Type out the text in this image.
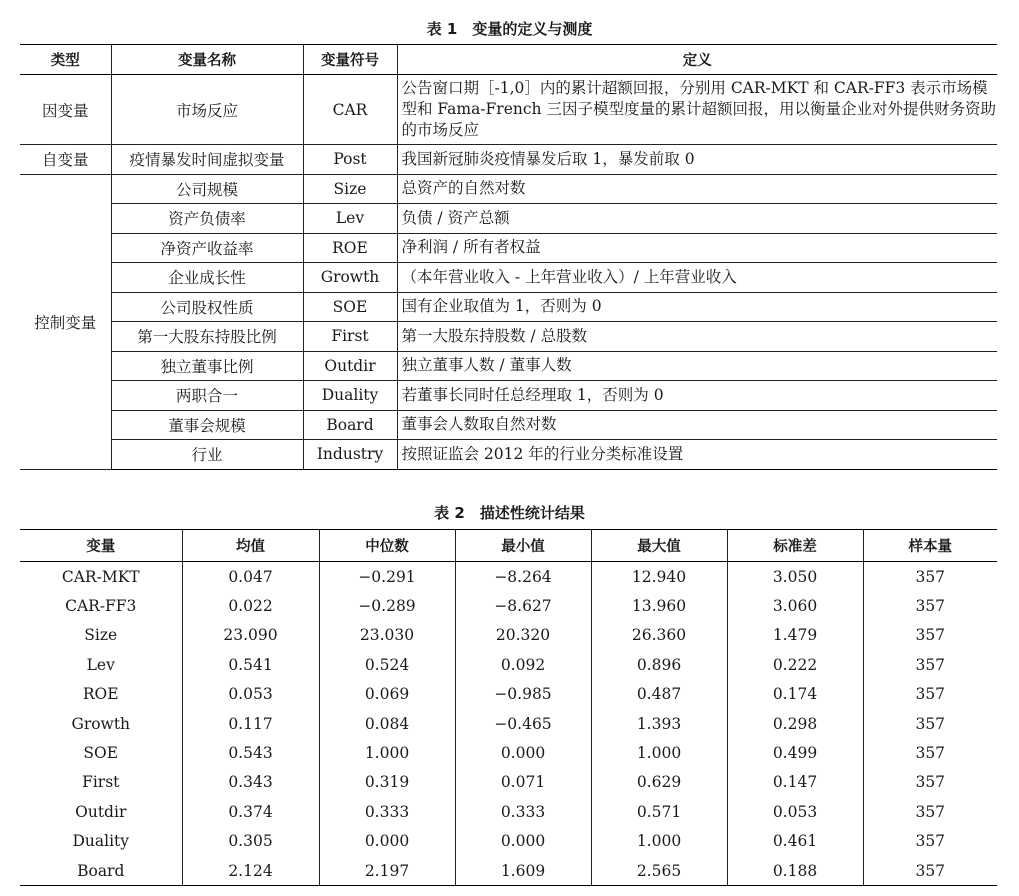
表 1　变量的定义与测度
类型	变量名称	变量符号	定义
因变量	市场反应	CAR	公告窗口期［-1,0］内的累计超额回报，分别用 CAR-MKT 和 CAR-FF3 表示市场模型和 Fama-French 三因子模型度量的累计超额回报，用以衡量企业对外提供财务资助的市场反应
自变量	疫情暴发时间虚拟变量	Post	我国新冠肺炎疫情暴发后取 1，暴发前取 0
控制变量	公司规模	Size	总资产的自然对数
	资产负债率	Lev	负债 / 资产总额
	净资产收益率	ROE	净利润 / 所有者权益
	企业成长性	Growth	（本年营业收入 - 上年营业收入）/ 上年营业收入
	公司股权性质	SOE	国有企业取值为 1，否则为 0
	第一大股东持股比例	First	第一大股东持股数 / 总股数
	独立董事比例	Outdir	独立董事人数 / 董事人数
	两职合一	Duality	若董事长同时任总经理取 1，否则为 0
	董事会规模	Board	董事会人数取自然对数
	行业	Industry	按照证监会 2012 年的行业分类标准设置
表 2　描述性统计结果
变量	均值	中位数	最小值	最大值	标准差	样本量
CAR-MKT	0.047	−0.291	−8.264	12.940	3.050	357
CAR-FF3	0.022	−0.289	−8.627	13.960	3.060	357
Size	23.090	23.030	20.320	26.360	1.479	357
Lev	0.541	0.524	0.092	0.896	0.222	357
ROE	0.053	0.069	−0.985	0.487	0.174	357
Growth	0.117	0.084	−0.465	1.393	0.298	357
SOE	0.543	1.000	0.000	1.000	0.499	357
First	0.343	0.319	0.071	0.629	0.147	357
Outdir	0.374	0.333	0.333	0.571	0.053	357
Duality	0.305	0.000	0.000	1.000	0.461	357
Board	2.124	2.197	1.609	2.565	0.188	357
